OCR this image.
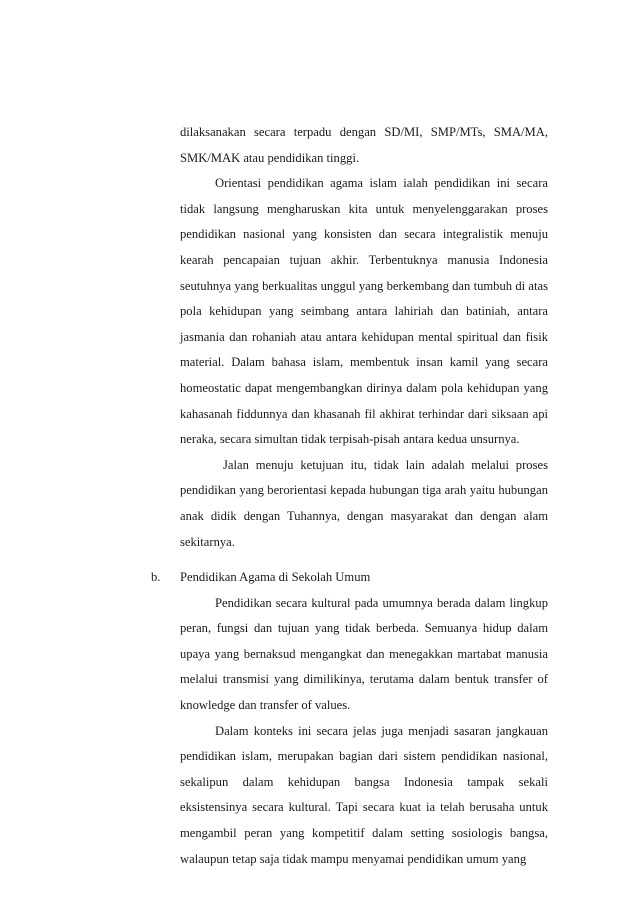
dilaksanakan secara terpadu dengan SD/MI, SMP/MTs, SMA/MA, SMK/MAK atau pendidikan tinggi.

Orientasi pendidikan agama islam ialah pendidikan ini secara tidak langsung mengharuskan kita untuk menyelenggarakan proses pendidikan nasional yang konsisten dan secara integralistik menuju kearah pencapaian tujuan akhir. Terbentuknya manusia Indonesia seutuhnya yang berkualitas unggul yang berkembang dan tumbuh di atas pola kehidupan yang seimbang antara lahiriah dan batiniah, antara jasmania dan rohaniah atau antara kehidupan mental spiritual dan fisik material. Dalam bahasa islam, membentuk insan kamil yang secara homeostatic dapat mengembangkan dirinya dalam pola kehidupan yang kahasanah fiddunnya dan khasanah fil akhirat terhindar dari siksaan api neraka, secara simultan tidak terpisah-pisah antara kedua unsurnya.

Jalan menuju ketujuan itu, tidak lain adalah melalui proses pendidikan yang berorientasi kepada hubungan tiga arah yaitu hubungan anak didik dengan Tuhannya, dengan masyarakat dan dengan alam sekitarnya.

b. Pendidikan Agama di Sekolah Umum

Pendidikan secara kultural pada umumnya berada dalam lingkup peran, fungsi dan tujuan yang tidak berbeda. Semuanya hidup dalam upaya yang bernaksud mengangkat dan menegakkan martabat manusia melalui transmisi yang dimilikinya, terutama dalam bentuk transfer of knowledge dan transfer of values.

Dalam konteks ini secara jelas juga menjadi sasaran jangkauan pendidikan islam, merupakan bagian dari sistem pendidikan nasional, sekalipun dalam kehidupan bangsa Indonesia tampak sekali eksistensinya secara kultural. Tapi secara kuat ia telah berusaha untuk mengambil peran yang kompetitif dalam setting sosiologis bangsa, walaupun tetap saja tidak mampu menyamai pendidikan umum yang
